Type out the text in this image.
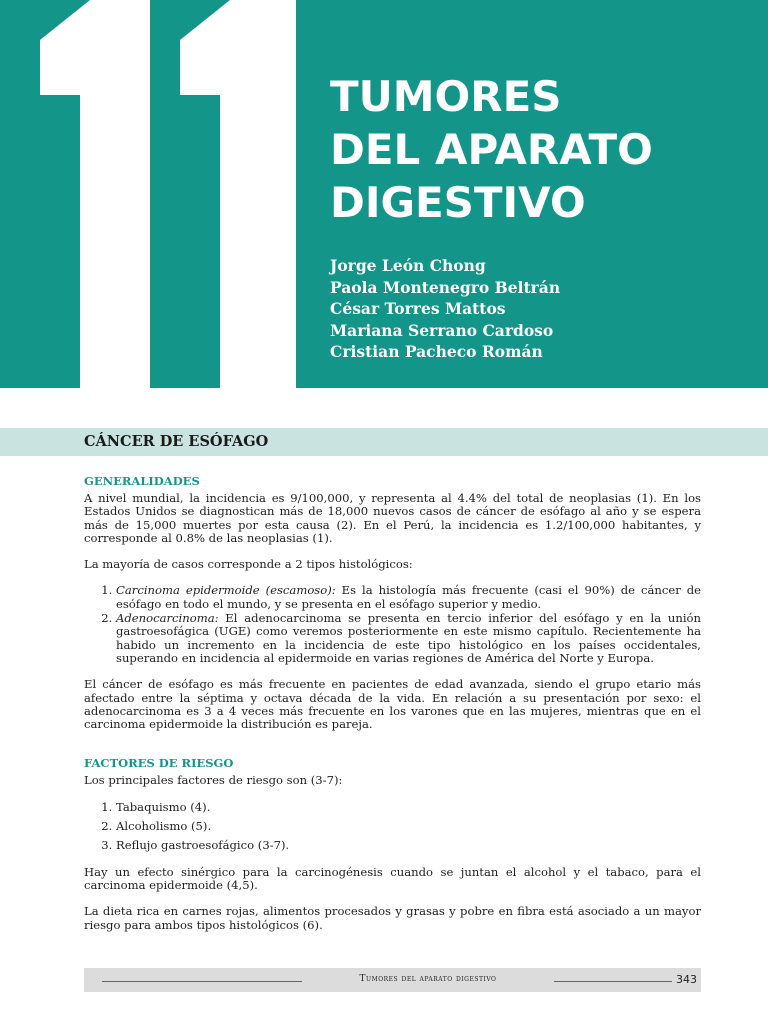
TUMORES
DEL APARATO
DIGESTIVO
Jorge León Chong
Paola Montenegro Beltrán
César Torres Mattos
Mariana Serrano Cardoso
Cristian Pacheco Román
CÁNCER DE ESÓFAGO
GENERALIDADES

A nivel mundial, la incidencia es 9/100,000, y representa al 4.4% del total de neoplasias (1). En los Estados Unidos se diagnostican más de 18,000 nuevos casos de cáncer de esófago al año y se espera más de 15,000 muertes por esta causa (2). En el Perú, la incidencia es 1.2/100,000 habitantes, y corresponde al 0.8% de las neoplasias (1).

La mayoría de casos corresponde a 2 tipos histológicos:

1. Carcinoma epidermoide (escamoso): Es la histología más frecuente (casi el 90%) de cáncer de esófago en todo el mundo, y se presenta en el esófago superior y medio.
2. Adenocarcinoma: El adenocarcinoma se presenta en tercio inferior del esófago y en la unión gastroesofágica (UGE) como veremos posteriormente en este mismo capítulo. Recientemente ha habido un incremento en la incidencia de este tipo histológico en los países occidentales, superando en incidencia al epidermoide en varias regiones de América del Norte y Europa.

El cáncer de esófago es más frecuente en pacientes de edad avanzada, siendo el grupo etario más afectado entre la séptima y octava década de la vida. En relación a su presentación por sexo: el adenocarcinoma es 3 a 4 veces más frecuente en los varones que en las mujeres, mientras que en el carcinoma epidermoide la distribución es pareja.

FACTORES DE RIESGO

Los principales factores de riesgo son (3-7):

1. Tabaquismo (4).
2. Alcoholismo (5).
3. Reflujo gastroesofágico (3-7).

Hay un efecto sinérgico para la carcinogénesis cuando se juntan el alcohol y el tabaco, para el carcinoma epidermoide (4,5).

La dieta rica en carnes rojas, alimentos procesados y grasas y pobre en fibra está asociado a un mayor riesgo para ambos tipos histológicos (6).

Tumores del aparato digestivo	343
